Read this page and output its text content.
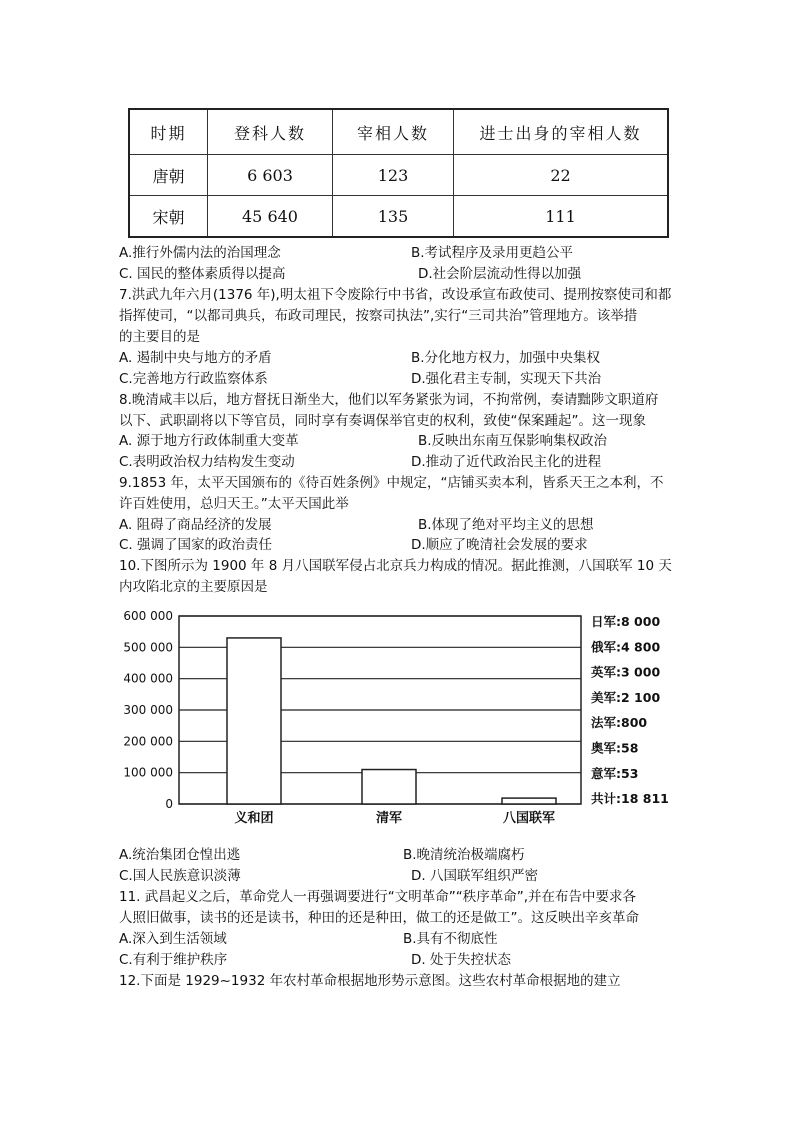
时期	登科人数	宰相人数	进士出身的宰相人数
唐朝	6 603	123	22
宋朝	45 640	135	111
A.推行外儒内法的治国理念	B.考试程序及录用更趋公平
C. 国民的整体素质得以提高	D.社会阶层流动性得以加强
7.洪武九年六月(1376 年),明太祖下令废除行中书省，改设承宣布政使司、提刑按察使司和都
指挥使司，“以都司典兵，布政司理民，按察司执法”,实行“三司共治”管理地方。该举措
的主要目的是
A. 遏制中央与地方的矛盾	B.分化地方权力，加强中央集权
C.完善地方行政监察体系	D.强化君主专制，实现天下共治
8.晚清咸丰以后，地方督抚日渐坐大，他们以军务紧张为词，不拘常例，奏请黜陟文职道府
以下、武职副将以下等官员，同时享有奏调保举官吏的权利，致使“保案踵起”。这一现象
A. 源于地方行政体制重大变革	B.反映出东南互保影响集权政治
C.表明政治权力结构发生变动	D.推动了近代政治民主化的进程
9.1853 年，太平天国颁布的《待百姓条例》中规定，“店铺买卖本利，皆系天王之本利，不
许百姓使用，总归天王。”太平天国此举
A. 阻碍了商品经济的发展	B.体现了绝对平均主义的思想
C. 强调了国家的政治责任	D.顺应了晚清社会发展的要求
10.下图所示为 1900 年 8 月八国联军侵占北京兵力构成的情况。据此推测，八国联军 10 天
内攻陷北京的主要原因是
0
100 000
200 000
300 000
400 000
500 000
600 000
义和团	清军	八国联军
日军:8 000
俄军:4 800
英军:3 000
美军:2 100
法军:800
奥军:58
意军:53
共计:18 811
A.统治集团仓惶出逃	B.晚清统治极端腐朽
C.国人民族意识淡薄	D. 八国联军组织严密
11. 武昌起义之后，革命党人一再强调要进行“文明革命”“秩序革命”,并在布告中要求各
人照旧做事，读书的还是读书，种田的还是种田，做工的还是做工”。这反映出辛亥革命
A.深入到生活领域	B.具有不彻底性
C.有利于维护秩序	D. 处于失控状态
12.下面是 1929~1932 年农村革命根据地形势示意图。这些农村革命根据地的建立
